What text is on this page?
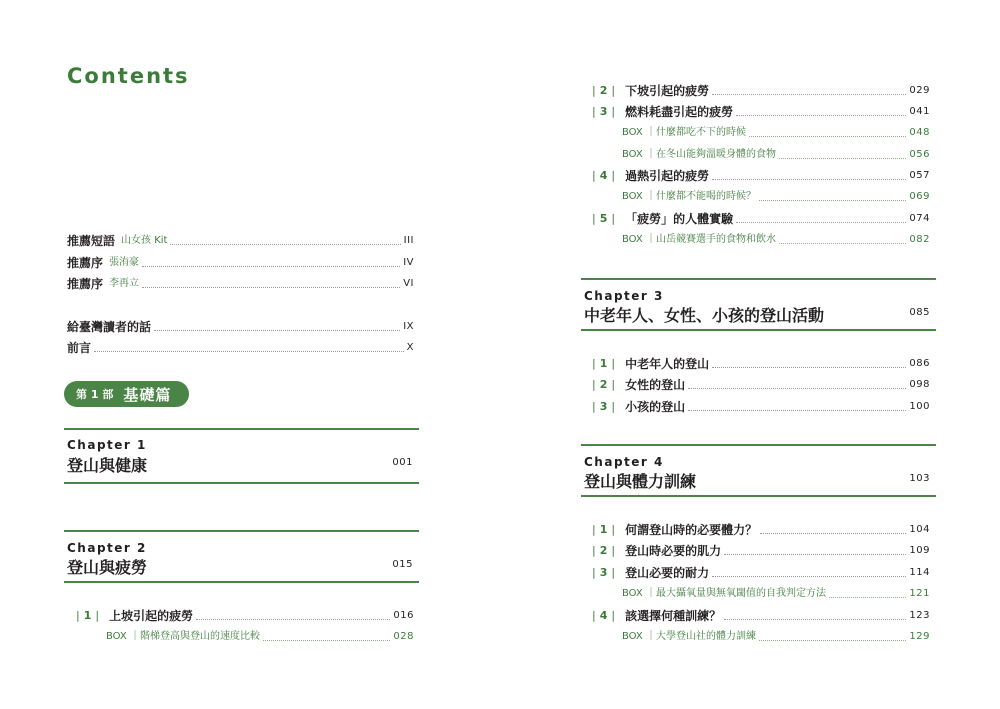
Contents
推薦短語 山女孩 Kit	III
推薦序 張洧豪	IV
推薦序 李再立	VI
給臺灣讀者的話	IX
前言	X
第 1 部 基礎篇
Chapter 1
登山與健康	001
Chapter 2
登山與疲勞	015
| 1 | 上坡引起的疲勞	016
BOX ｜階梯登高與登山的速度比較	028
| 2 | 下坡引起的疲勞	029
| 3 | 燃料耗盡引起的疲勞	041
BOX ｜什麼都吃不下的時候	048
BOX ｜在冬山能夠溫暖身體的食物	056
| 4 | 過熱引起的疲勞	057
BOX ｜什麼都不能喝的時候？	069
| 5 | 「疲勞」的人體實驗	074
BOX ｜山岳競賽選手的食物和飲水	082
Chapter 3
中老年人、女性、小孩的登山活動	085
| 1 | 中老年人的登山	086
| 2 | 女性的登山	098
| 3 | 小孩的登山	100
Chapter 4
登山與體力訓練	103
| 1 | 何謂登山時的必要體力？	104
| 2 | 登山時必要的肌力	109
| 3 | 登山必要的耐力	114
BOX ｜最大攝氧量與無氧閾值的自我判定方法	121
| 4 | 該選擇何種訓練？	123
BOX ｜大學登山社的體力訓練	129
